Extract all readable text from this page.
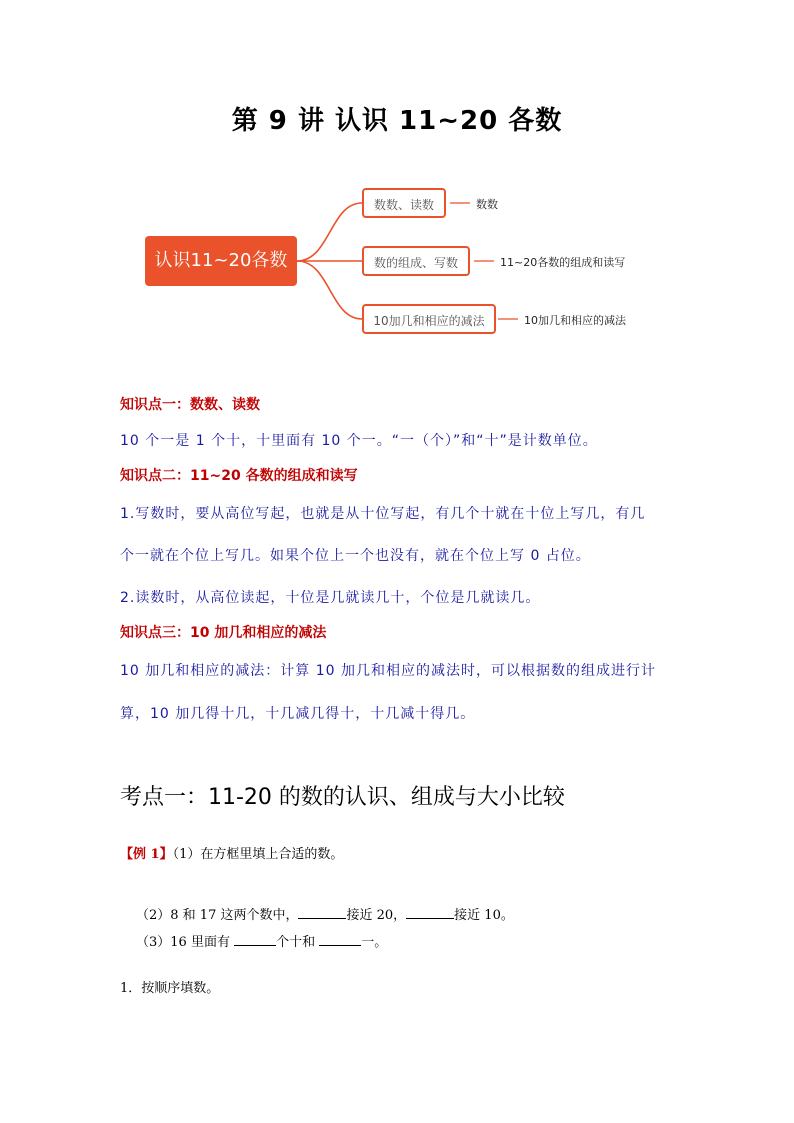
第 9 讲 认识 11~20 各数
认识11~20各数
数数、读数
数的组成、写数
10加几和相应的减法
数数
11~20各数的组成和读写
10加几和相应的减法
知识点一：数数、读数
10 个一是 1 个十，十里面有 10 个一。“一（个）”和“十”是计数单位。
知识点二：11~20 各数的组成和读写
1.写数时，要从高位写起，也就是从十位写起，有几个十就在十位上写几，有几
个一就在个位上写几。如果个位上一个也没有，就在个位上写 0 占位。
2.读数时，从高位读起，十位是几就读几十，个位是几就读几。
知识点三：10 加几和相应的减法
10 加几和相应的减法：计算 10 加几和相应的减法时，可以根据数的组成进行计
算，10 加几得十几，十几减几得十，十几减十得几。
考点一：11-20 的数的认识、组成与大小比较
【例 1】（1）在方框里填上合适的数。
（2）8 和 17 这两个数中，	接近 20，	接近 10。
（3）16 里面有	个十和	一。
1．按顺序填数。
